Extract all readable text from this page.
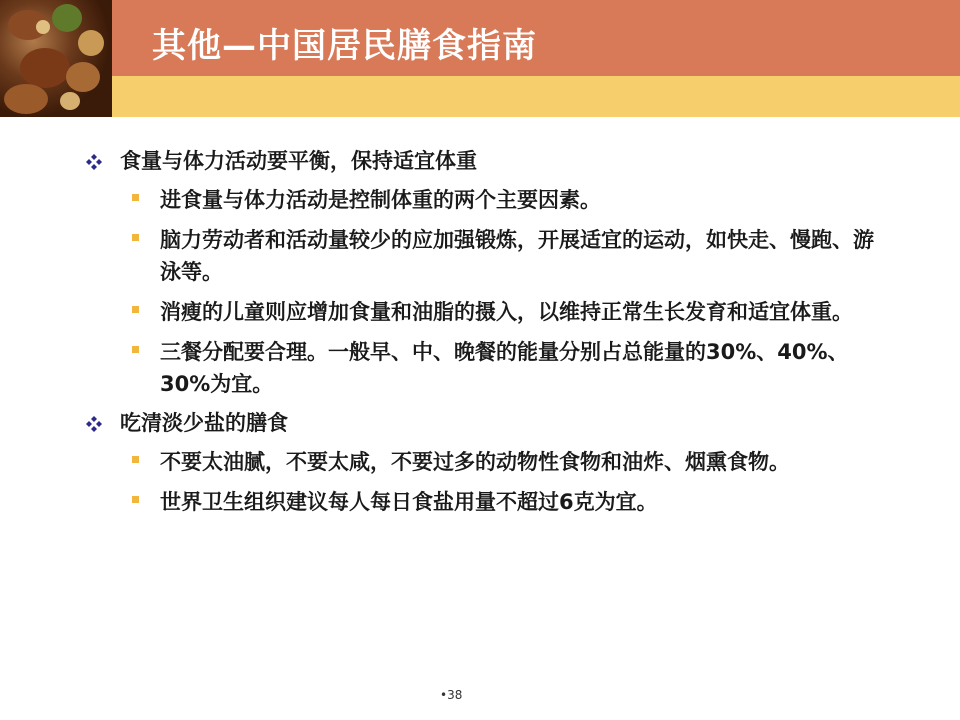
其他—中国居民膳食指南
食量与体力活动要平衡，保持适宜体重
进食量与体力活动是控制体重的两个主要因素。
脑力劳动者和活动量较少的应加强锻炼，开展适宜的运动，如快走、慢跑、游泳等。
消瘦的儿童则应增加食量和油脂的摄入，以维持正常生长发育和适宜体重。
三餐分配要合理。一般早、中、晚餐的能量分别占总能量的30%、40%、30%为宜。
吃清淡少盐的膳食
不要太油腻，不要太咸，不要过多的动物性食物和油炸、烟熏食物。
世界卫生组织建议每人每日食盐用量不超过6克为宜。
•38
